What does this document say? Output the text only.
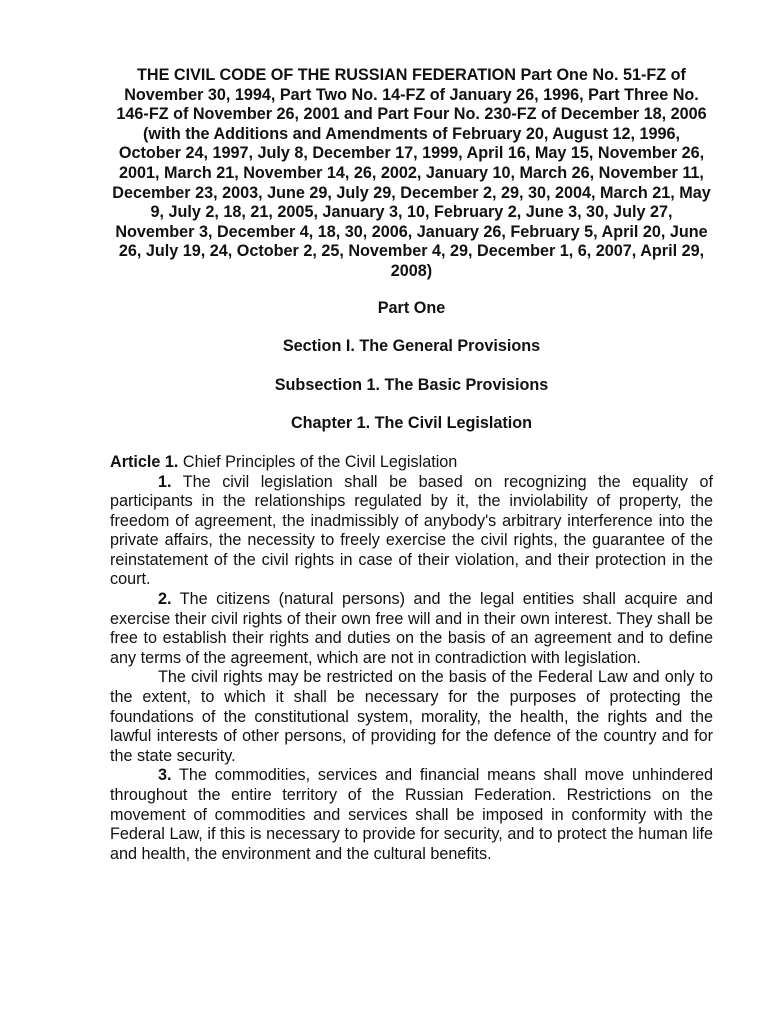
THE CIVIL CODE OF THE RUSSIAN FEDERATION Part One No. 51-FZ of November 30, 1994, Part Two No. 14-FZ of January 26, 1996, Part Three No. 146-FZ of November 26, 2001 and Part Four No. 230-FZ of December 18, 2006 (with the Additions and Amendments of February 20, August 12, 1996, October 24, 1997, July 8, December 17, 1999, April 16, May 15, November 26, 2001, March 21, November 14, 26, 2002, January 10, March 26, November 11, December 23, 2003, June 29, July 29, December 2, 29, 30, 2004, March 21, May 9, July 2, 18, 21, 2005, January 3, 10, February 2, June 3, 30, July 27, November 3, December 4, 18, 30, 2006, January 26, February 5, April 20, June 26, July 19, 24, October 2, 25, November 4, 29, December 1, 6, 2007, April 29, 2008)

Part One

Section I. The General Provisions

Subsection 1. The Basic Provisions

Chapter 1. The Civil Legislation

Article 1. Chief Principles of the Civil Legislation

1. The civil legislation shall be based on recognizing the equality of participants in the relationships regulated by it, the inviolability of property, the freedom of agreement, the inadmissibly of anybody's arbitrary interference into the private affairs, the necessity to freely exercise the civil rights, the guarantee of the reinstatement of the civil rights in case of their violation, and their protection in the court.

2. The citizens (natural persons) and the legal entities shall acquire and exercise their civil rights of their own free will and in their own interest. They shall be free to establish their rights and duties on the basis of an agreement and to define any terms of the agreement, which are not in contradiction with legislation.

The civil rights may be restricted on the basis of the Federal Law and only to the extent, to which it shall be necessary for the purposes of protecting the foundations of the constitutional system, morality, the health, the rights and the lawful interests of other persons, of providing for the defence of the country and for the state security.

3. The commodities, services and financial means shall move unhindered throughout the entire territory of the Russian Federation. Restrictions on the movement of commodities and services shall be imposed in conformity with the Federal Law, if this is necessary to provide for security, and to protect the human life and health, the environment and the cultural benefits.
